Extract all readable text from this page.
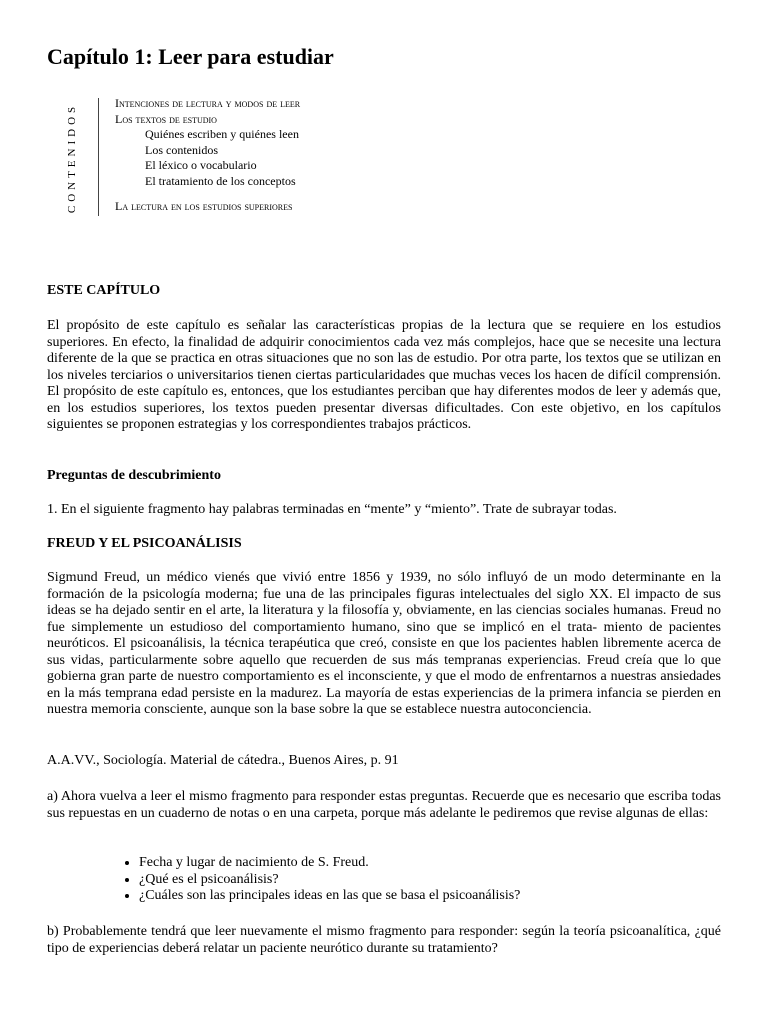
Capítulo 1: Leer para estudiar
CONTENIDOS	Intenciones de lectura y modos de leer
Los textos de estudio
Quiénes escriben y quiénes leen
Los contenidos
El léxico o vocabulario
El tratamiento de los conceptos
La lectura en los estudios superiores
ESTE CAPÍTULO
El propósito de este capítulo es señalar las características propias de la lectura que se requiere en los estudios superiores. En efecto, la finalidad de adquirir conocimientos cada vez más complejos, hace que se necesite una lectura diferente de la que se practica en otras situaciones que no son las de estudio. Por otra parte, los textos que se utilizan en los niveles terciarios o universitarios tienen ciertas particularidades que muchas veces los hacen de difícil comprensión. El propósito de este capítulo es, entonces, que los estudiantes perciban que hay diferentes modos de leer y además que, en los estudios superiores, los textos pueden presentar diversas dificultades. Con este objetivo, en los capítulos siguientes se proponen estrategias y los correspondientes trabajos prácticos.
Preguntas de descubrimiento
1. En el siguiente fragmento hay palabras terminadas en “mente” y “miento”. Trate de subrayar todas.
FREUD Y EL PSICOANÁLISIS
Sigmund Freud, un médico vienés que vivió entre 1856 y 1939, no sólo influyó de un modo determinante en la formación de la psicología moderna; fue una de las principales figuras intelectuales del siglo XX. El impacto de sus ideas se ha dejado sentir en el arte, la literatura y la filosofía y, obviamente, en las ciencias sociales humanas. Freud no fue simplemente un estudioso del comportamiento humano, sino que se implicó en el trata- miento de pacientes neuróticos. El psicoanálisis, la técnica terapéutica que creó, consiste en que los pacientes hablen libremente acerca de sus vidas, particularmente sobre aquello que recuerden de sus más tempranas experiencias. Freud creía que lo que gobierna gran parte de nuestro comportamiento es el inconsciente, y que el modo de enfrentarnos a nuestras ansiedades en la más temprana edad persiste en la madurez. La mayoría de estas experiencias de la primera infancia se pierden en nuestra memoria consciente, aunque son la base sobre la que se establece nuestra autoconciencia.
A.A.VV., Sociología. Material de cátedra., Buenos Aires, p. 91
a) Ahora vuelva a leer el mismo fragmento para responder estas preguntas. Recuerde que es necesario que escriba todas sus repuestas en un cuaderno de notas o en una carpeta, porque más adelante le pediremos que revise algunas de ellas:
• Fecha y lugar de nacimiento de S. Freud.
• ¿Qué es el psicoanálisis?
• ¿Cuáles son las principales ideas en las que se basa el psicoanálisis?
b) Probablemente tendrá que leer nuevamente el mismo fragmento para responder: según la teoría psicoanalítica, ¿qué tipo de experiencias deberá relatar un paciente neurótico durante su tratamiento?
